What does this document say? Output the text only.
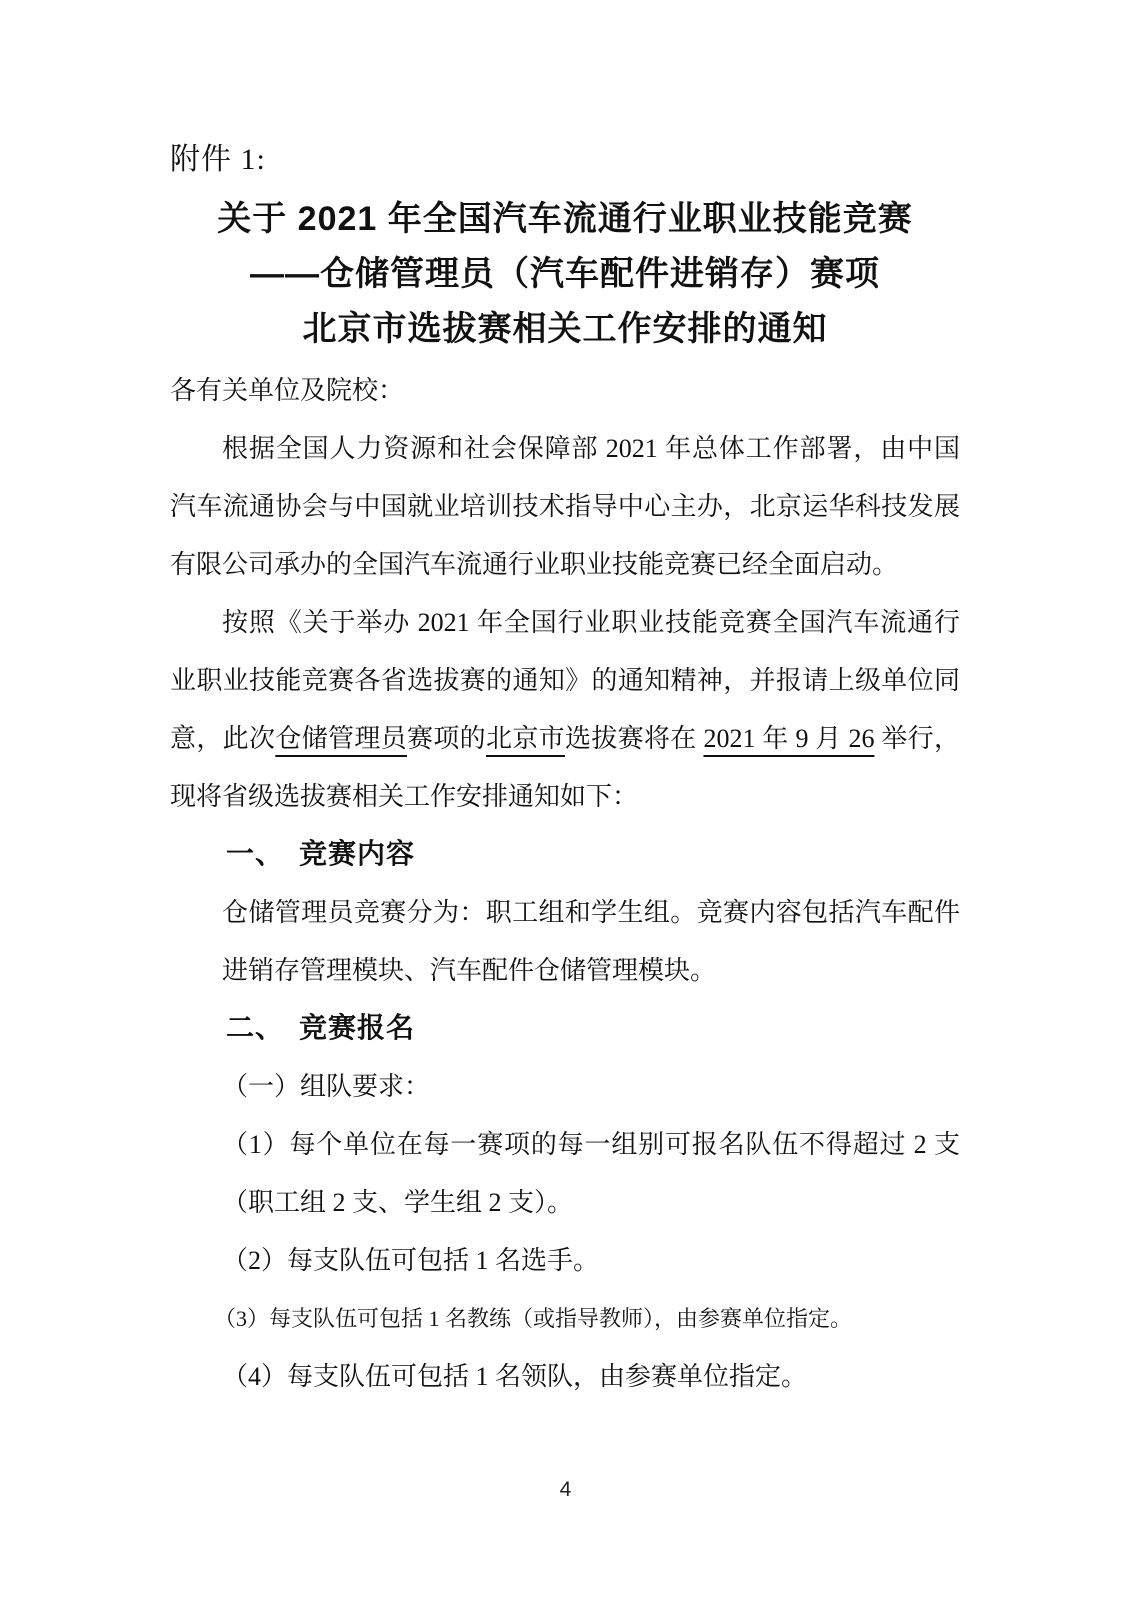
附件 1:
关于 2021 年全国汽车流通行业职业技能竞赛
——仓储管理员（汽车配件进销存）赛项
北京市选拔赛相关工作安排的通知

各有关单位及院校：

根据全国人力资源和社会保障部 2021 年总体工作部署，由中国汽车流通协会与中国就业培训技术指导中心主办，北京运华科技发展有限公司承办的全国汽车流通行业职业技能竞赛已经全面启动。

按照《关于举办 2021 年全国行业职业技能竞赛全国汽车流通行业职业技能竞赛各省选拔赛的通知》的通知精神，并报请上级单位同意，此次仓储管理员赛项的北京市选拔赛将在 2021 年 9 月 26 举行，现将省级选拔赛相关工作安排通知如下：

一、　竞赛内容

仓储管理员竞赛分为：职工组和学生组。竞赛内容包括汽车配件进销存管理模块、汽车配件仓储管理模块。

二、　竞赛报名

（一）组队要求：

（1）每个单位在每一赛项的每一组别可报名队伍不得超过 2 支（职工组 2 支、学生组 2 支）。

（2）每支队伍可包括 1 名选手。

（3）每支队伍可包括 1 名教练（或指导教师），由参赛单位指定。

（4）每支队伍可包括 1 名领队，由参赛单位指定。

4
